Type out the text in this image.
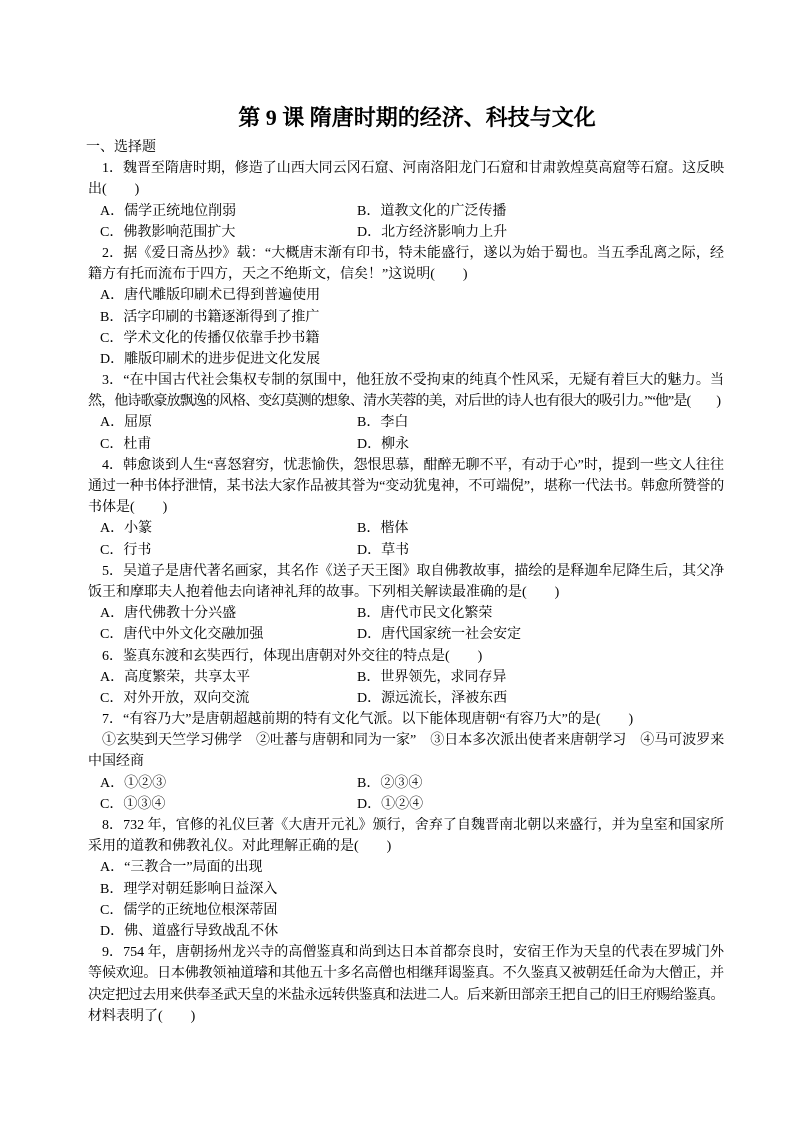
第 9 课 隋唐时期的经济、科技与文化
一、选择题
1．魏晋至隋唐时期，修造了山西大同云冈石窟、河南洛阳龙门石窟和甘肃敦煌莫高窟等石窟。这反映
出(　　)
A．儒学正统地位削弱	B．道教文化的广泛传播
C．佛教影响范围扩大	D．北方经济影响力上升
2．据《爱日斋丛抄》载：“大概唐末渐有印书，特未能盛行，遂以为始于蜀也。当五季乱离之际，经
籍方有托而流布于四方，天之不绝斯文，信矣！”这说明(　　)
A．唐代雕版印刷术已得到普遍使用
B．活字印刷的书籍逐渐得到了推广
C．学术文化的传播仅依靠手抄书籍
D．雕版印刷术的进步促进文化发展
3．“在中国古代社会集权专制的氛围中，他狂放不受拘束的纯真个性风采，无疑有着巨大的魅力。当
然，他诗歌豪放飘逸的风格、变幻莫测的想象、清水芙蓉的美，对后世的诗人也有很大的吸引力。”“他”是(　　)
A．屈原	B．李白
C．杜甫	D．柳永
4．韩愈谈到人生“喜怒窘穷，忧悲愉佚，怨恨思慕，酣醉无聊不平，有动于心”时，提到一些文人往往
通过一种书体抒泄情，某书法大家作品被其誉为“变动犹鬼神，不可端倪”，堪称一代法书。韩愈所赞誉的
书体是(　　)
A．小篆	B．楷体
C．行书	D．草书
5．吴道子是唐代著名画家，其名作《送子天王图》取自佛教故事，描绘的是释迦牟尼降生后，其父净
饭王和摩耶夫人抱着他去向诸神礼拜的故事。下列相关解读最准确的是(　　)
A．唐代佛教十分兴盛	B．唐代市民文化繁荣
C．唐代中外文化交融加强	D．唐代国家统一社会安定
6．鉴真东渡和玄奘西行，体现出唐朝对外交往的特点是(　　)
A．高度繁荣，共享太平	B．世界领先，求同存异
C．对外开放，双向交流	D．源远流长，泽被东西
7．“有容乃大”是唐朝超越前期的特有文化气派。以下能体现唐朝“有容乃大”的是(　　)
①玄奘到天竺学习佛学　②吐蕃与唐朝和同为一家”　③日本多次派出使者来唐朝学习　④马可波罗来
中国经商
A．①②③	B．②③④
C．①③④	D．①②④
8．732 年，官修的礼仪巨著《大唐开元礼》颁行，舍弃了自魏晋南北朝以来盛行，并为皇室和国家所
采用的道教和佛教礼仪。对此理解正确的是(　　)
A．“三教合一”局面的出现
B．理学对朝廷影响日益深入
C．儒学的正统地位根深蒂固
D．佛、道盛行导致战乱不休
9．754 年，唐朝扬州龙兴寺的高僧鉴真和尚到达日本首都奈良时，安宿王作为天皇的代表在罗城门外
等候欢迎。日本佛教领袖道璿和其他五十多名高僧也相继拜谒鉴真。不久鉴真又被朝廷任命为大僧正，并
决定把过去用来供奉圣武天皇的米盐永远转供鉴真和法进二人。后来新田部亲王把自己的旧王府赐给鉴真。
材料表明了(　　)
